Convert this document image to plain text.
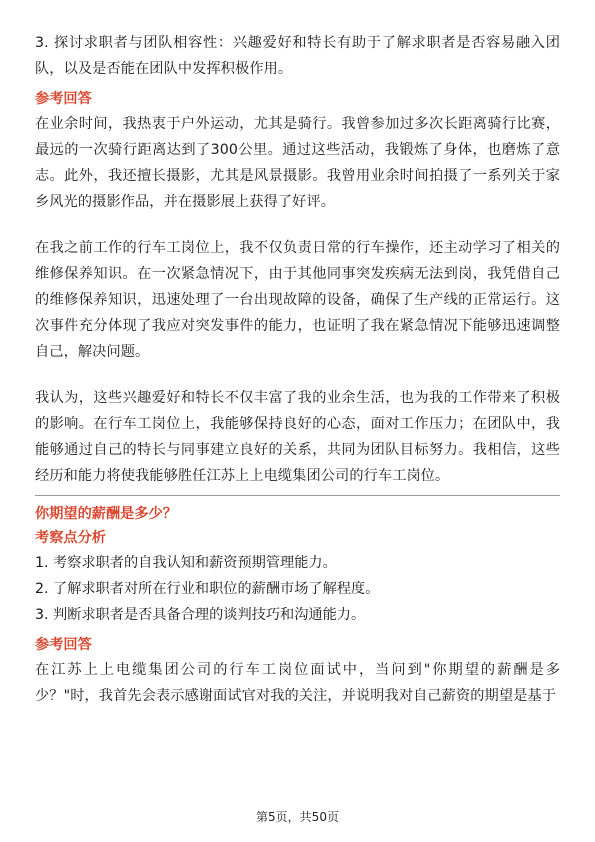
3. 探讨求职者与团队相容性：兴趣爱好和特长有助于了解求职者是否容易融入团队，以及是否能在团队中发挥积极作用。

参考回答

在业余时间，我热衷于户外运动，尤其是骑行。我曾参加过多次长距离骑行比赛，最远的一次骑行距离达到了300公里。通过这些活动，我锻炼了身体，也磨炼了意志。此外，我还擅长摄影，尤其是风景摄影。我曾用业余时间拍摄了一系列关于家乡风光的摄影作品，并在摄影展上获得了好评。

在我之前工作的行车工岗位上，我不仅负责日常的行车操作，还主动学习了相关的维修保养知识。在一次紧急情况下，由于其他同事突发疾病无法到岗，我凭借自己的维修保养知识，迅速处理了一台出现故障的设备，确保了生产线的正常运行。这次事件充分体现了我应对突发事件的能力，也证明了我在紧急情况下能够迅速调整自己，解决问题。

我认为，这些兴趣爱好和特长不仅丰富了我的业余生活，也为我的工作带来了积极的影响。在行车工岗位上，我能够保持良好的心态，面对工作压力；在团队中，我能够通过自己的特长与同事建立良好的关系，共同为团队目标努力。我相信，这些经历和能力将使我能够胜任江苏上上电缆集团公司的行车工岗位。

你期望的薪酬是多少？

考察点分析

1. 考察求职者的自我认知和薪资预期管理能力。

2. 了解求职者对所在行业和职位的薪酬市场了解程度。

3. 判断求职者是否具备合理的谈判技巧和沟通能力。

参考回答

在江苏上上电缆集团公司的行车工岗位面试中，当问到"你期望的薪酬是多少？"时，我首先会表示感谢面试官对我的关注，并说明我对自己薪资的期望是基于

第5页，共50页
